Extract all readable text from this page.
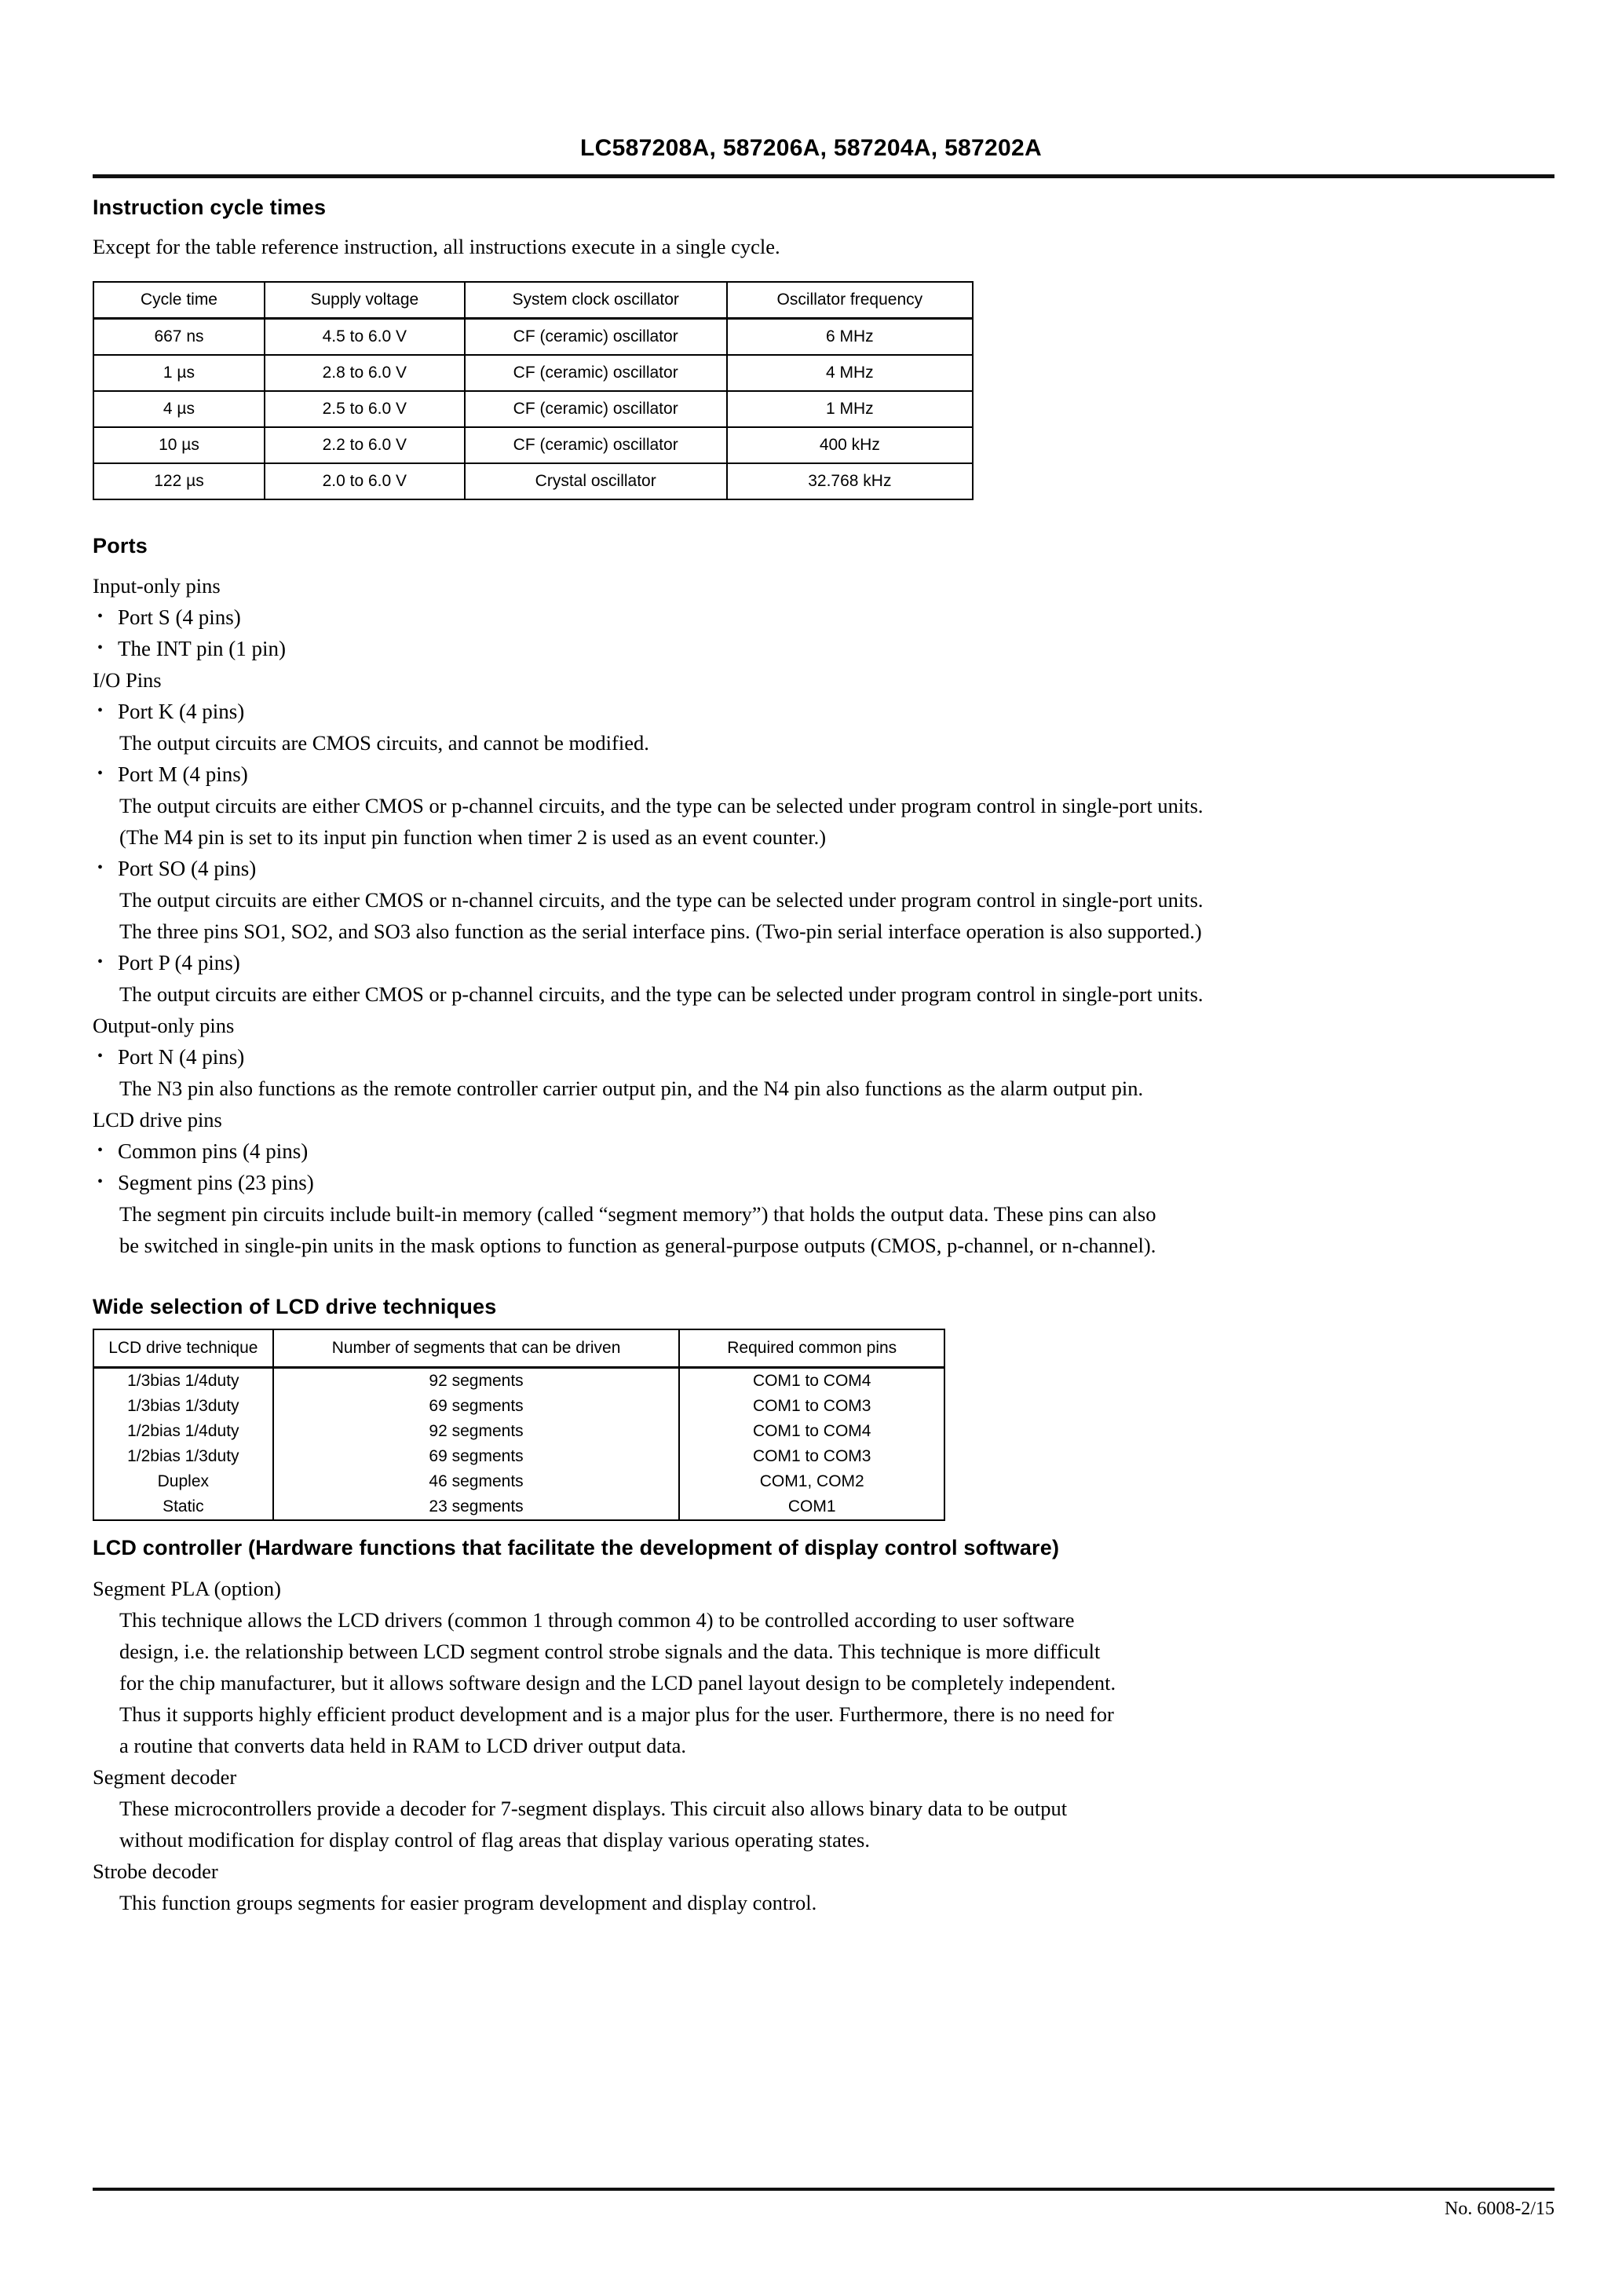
LC587208A, 587206A, 587204A, 587202A
Instruction cycle times

Except for the table reference instruction, all instructions execute in a single cycle.

Cycle time	Supply voltage	System clock oscillator	Oscillator frequency
667 ns	4.5 to 6.0 V	CF (ceramic) oscillator	6 MHz
1 µs	2.8 to 6.0 V	CF (ceramic) oscillator	4 MHz
4 µs	2.5 to 6.0 V	CF (ceramic) oscillator	1 MHz
10 µs	2.2 to 6.0 V	CF (ceramic) oscillator	400 kHz
122 µs	2.0 to 6.0 V	Crystal oscillator	32.768 kHz
Ports

Input-only pins

• Port S (4 pins)
• The INT pin (1 pin)

I/O Pins

• Port K (4 pins)

The output circuits are CMOS circuits, and cannot be modified.

• Port M (4 pins)

The output circuits are either CMOS or p-channel circuits, and the type can be selected under program control in single-port units.

(The M4 pin is set to its input pin function when timer 2 is used as an event counter.)

• Port SO (4 pins)

The output circuits are either CMOS or n-channel circuits, and the type can be selected under program control in single-port units.

The three pins SO1, SO2, and SO3 also function as the serial interface pins. (Two-pin serial interface operation is also supported.)

• Port P (4 pins)

The output circuits are either CMOS or p-channel circuits, and the type can be selected under program control in single-port units.

Output-only pins

• Port N (4 pins)

The N3 pin also functions as the remote controller carrier output pin, and the N4 pin also functions as the alarm output pin.

LCD drive pins

• Common pins (4 pins)
• Segment pins (23 pins)

The segment pin circuits include built-in memory (called “segment memory”) that holds the output data. These pins can also

be switched in single-pin units in the mask options to function as general-purpose outputs (CMOS, p-channel, or n-channel).

Wide selection of LCD drive techniques
LCD drive technique	Number of segments that can be driven	Required common pins
1/3bias 1/4duty	92 segments	COM1 to COM4
1/3bias 1/3duty	69 segments	COM1 to COM3
1/2bias 1/4duty	92 segments	COM1 to COM4
1/2bias 1/3duty	69 segments	COM1 to COM3
Duplex	46 segments	COM1, COM2
Static	23 segments	COM1
LCD controller (Hardware functions that facilitate the development of display control software)

Segment PLA (option)

This technique allows the LCD drivers (common 1 through common 4) to be controlled according to user software

design, i.e. the relationship between LCD segment control strobe signals and the data. This technique is more difficult

for the chip manufacturer, but it allows software design and the LCD panel layout design to be completely independent.

Thus it supports highly efficient product development and is a major plus for the user. Furthermore, there is no need for

a routine that converts data held in RAM to LCD driver output data.

Segment decoder

These microcontrollers provide a decoder for 7-segment displays. This circuit also allows binary data to be output

without modification for display control of flag areas that display various operating states.

Strobe decoder

This function groups segments for easier program development and display control.

No. 6008-2/15
